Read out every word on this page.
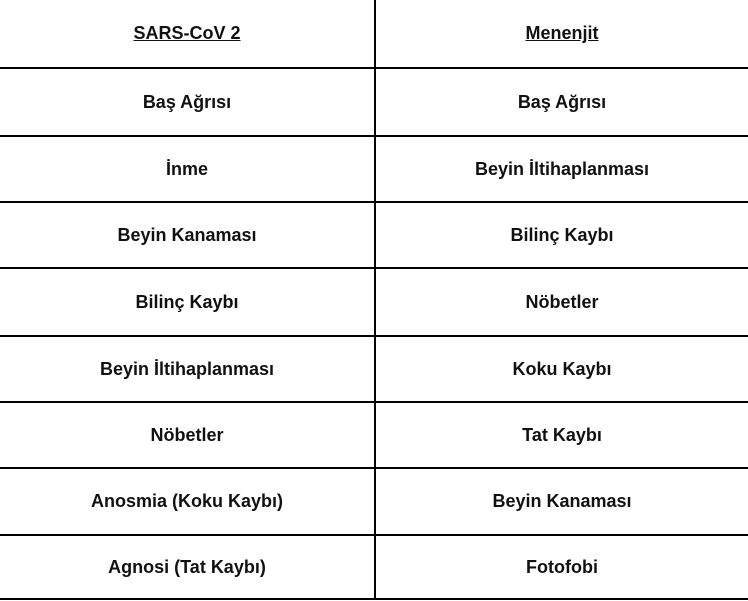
SARS-CoV 2	Menenjit
Baş Ağrısı	Baş Ağrısı
İnme	Beyin İltihaplanması
Beyin Kanaması	Bilinç Kaybı
Bilinç Kaybı	Nöbetler
Beyin İltihaplanması	Koku Kaybı
Nöbetler	Tat Kaybı
Anosmia (Koku Kaybı)	Beyin Kanaması
Agnosi (Tat Kaybı)	Fotofobi
